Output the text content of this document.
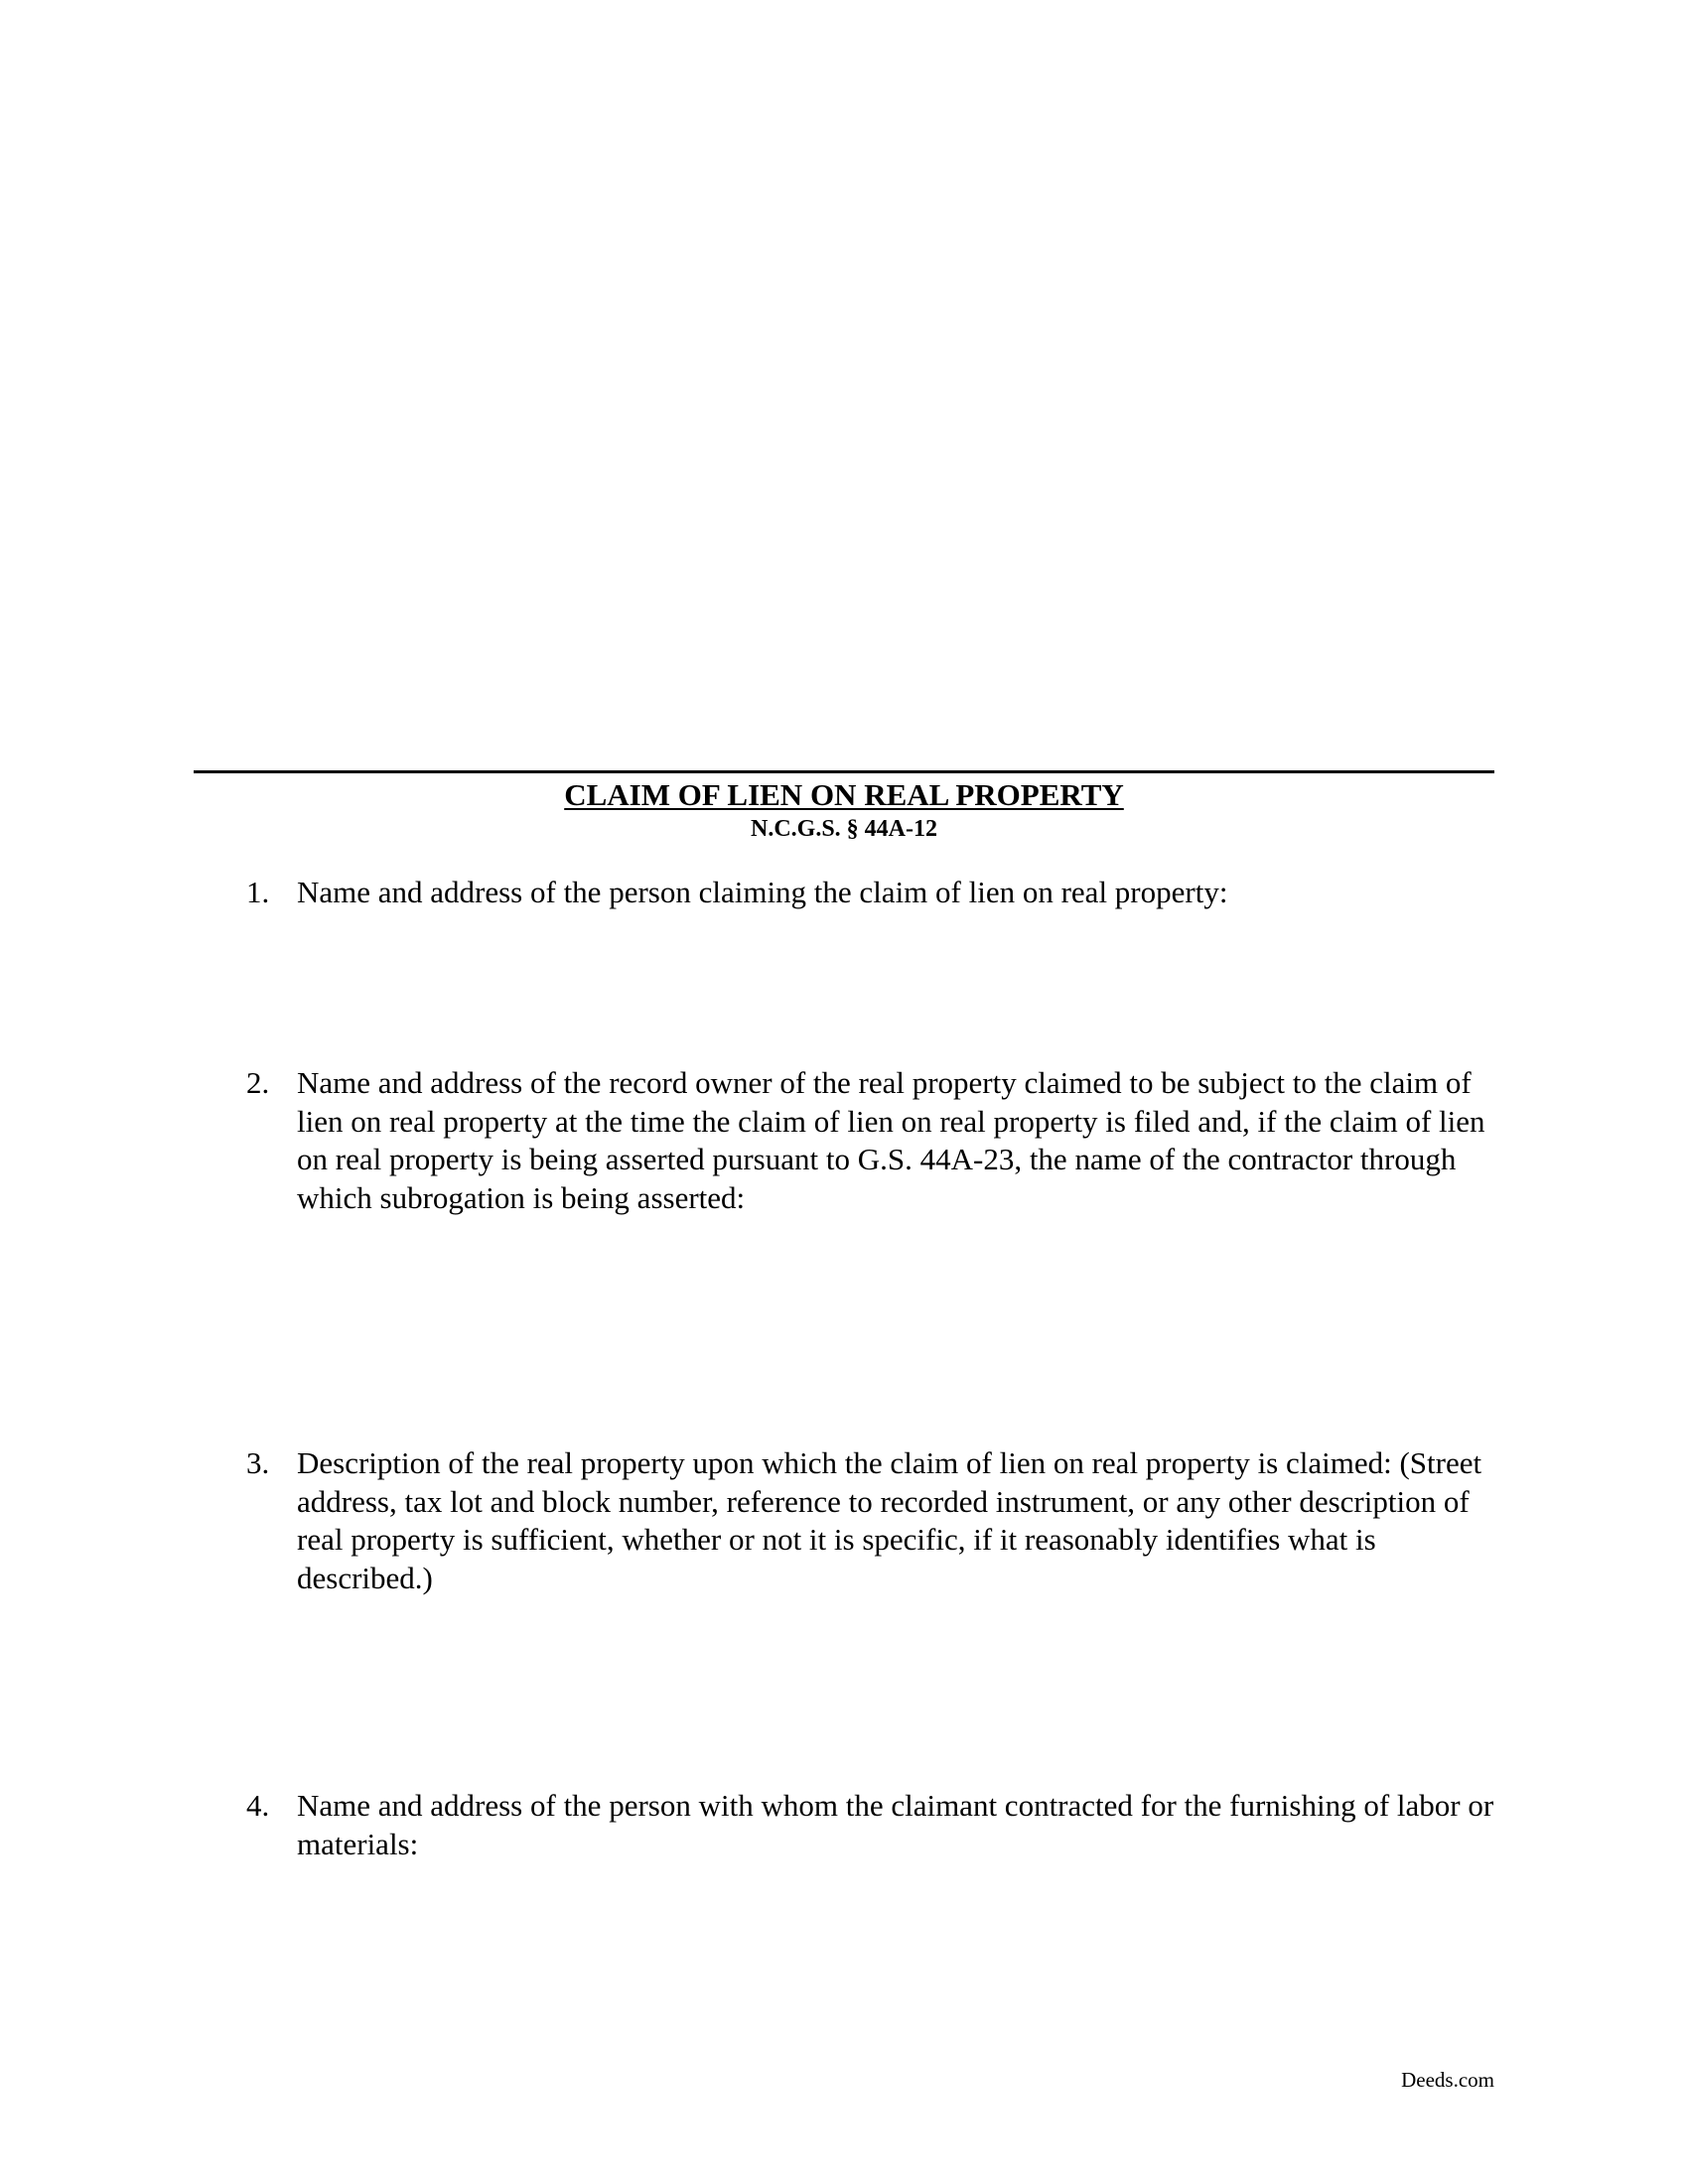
CLAIM OF LIEN ON REAL PROPERTY
N.C.G.S. § 44A-12
1. Name and address of the person claiming the claim of lien on real property:
2. Name and address of the record owner of the real property claimed to be subject to the claim of lien on real property at the time the claim of lien on real property is filed and, if the claim of lien on real property is being asserted pursuant to G.S. 44A-23, the name of the contractor through which subrogation is being asserted:
3. Description of the real property upon which the claim of lien on real property is claimed: (Street address, tax lot and block number, reference to recorded instrument, or any other description of real property is sufficient, whether or not it is specific, if it reasonably identifies what is described.)
4. Name and address of the person with whom the claimant contracted for the furnishing of labor or materials:
Deeds.com
